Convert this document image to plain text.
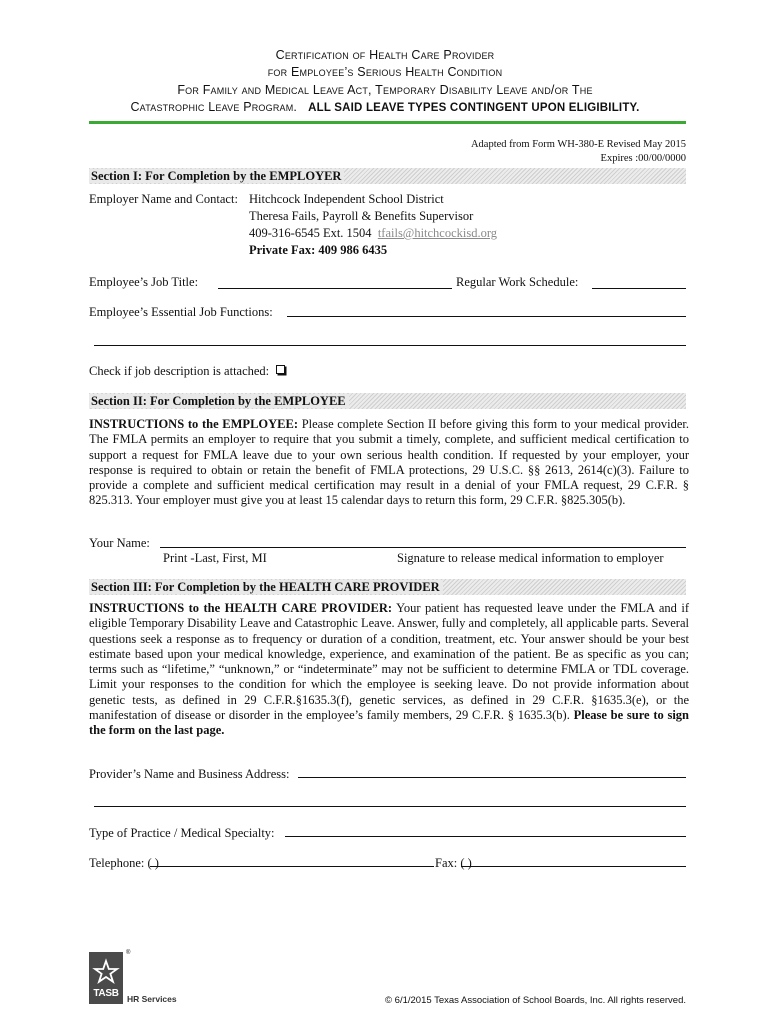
Certification of Health Care Provider
for Employee’s Serious Health Condition
For Family and Medical Leave Act, Temporary Disability Leave and/or The
Catastrophic Leave Program. ALL SAID LEAVE TYPES CONTINGENT UPON ELIGIBILITY.
Adapted from Form WH-380-E Revised May 2015
Expires :00/00/0000
Section I: For Completion by the EMPLOYER
Employer Name and Contact: Hitchcock Independent School District
Theresa Fails, Payroll & Benefits Supervisor
409-316-6545 Ext. 1504 tfails@hitchcockisd.org
Private Fax: 409 986 6435
Employee’s Job Title:	Regular Work Schedule:
Employee’s Essential Job Functions:
Check if job description is attached:
Section II: For Completion by the EMPLOYEE
INSTRUCTIONS to the EMPLOYEE: Please complete Section II before giving this form to your medical provider. The FMLA permits an employer to require that you submit a timely, complete, and sufficient medical certification to support a request for FMLA leave due to your own serious health condition. If requested by your employer, your response is required to obtain or retain the benefit of FMLA protections, 29 U.S.C. §§ 2613, 2614(c)(3). Failure to provide a complete and sufficient medical certification may result in a denial of your FMLA request, 29 C.F.R. § 825.313. Your employer must give you at least 15 calendar days to return this form, 29 C.F.R. §825.305(b).
Your Name:
Print -Last, First, MI	Signature to release medical information to employer
Section III: For Completion by the HEALTH CARE PROVIDER
INSTRUCTIONS to the HEALTH CARE PROVIDER: Your patient has requested leave under the FMLA and if eligible Temporary Disability Leave and Catastrophic Leave. Answer, fully and completely, all applicable parts. Several questions seek a response as to frequency or duration of a condition, treatment, etc. Your answer should be your best estimate based upon your medical knowledge, experience, and examination of the patient. Be as specific as you can; terms such as “lifetime,” “unknown,” or “indeterminate” may not be sufficient to determine FMLA or TDL coverage. Limit your responses to the condition for which the employee is seeking leave. Do not provide information about genetic tests, as defined in 29 C.F.R.§1635.3(f), genetic services, as defined in 29 C.F.R. §1635.3(e), or the manifestation of disease or disorder in the employee’s family members, 29 C.F.R. § 1635.3(b). Please be sure to sign the form on the last page.
Provider’s Name and Business Address:
Type of Practice / Medical Specialty:
Telephone: ( )	Fax: ( )
TASB
®
HR Services	© 6/1/2015 Texas Association of School Boards, Inc. All rights reserved.
